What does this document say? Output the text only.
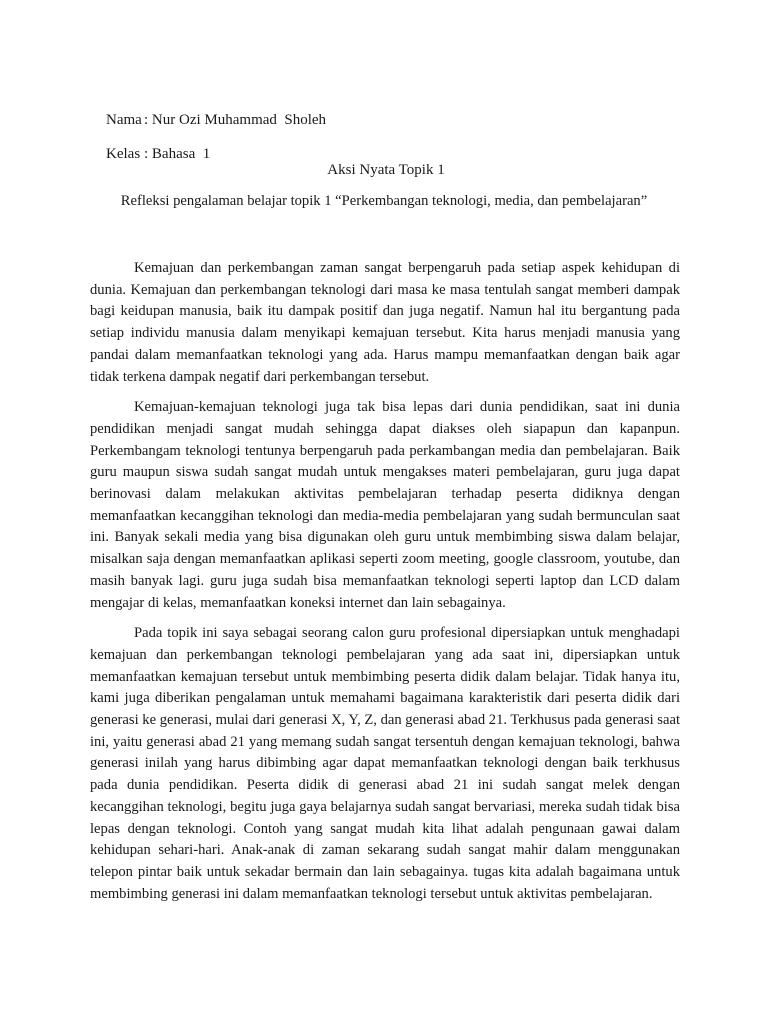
Nama : Nur Ozi Muhammad  Sholeh

Kelas : Bahasa  1

Aksi Nyata Topik 1
Refleksi pengalaman belajar topik 1 “Perkembangan teknologi, media, dan pembelajaran”

Kemajuan dan perkembangan zaman sangat berpengaruh pada setiap aspek kehidupan di dunia. Kemajuan dan perkembangan teknologi dari masa ke masa tentulah sangat memberi dampak bagi keidupan manusia, baik itu dampak positif dan juga negatif. Namun hal itu bergantung pada setiap individu manusia dalam menyikapi kemajuan tersebut. Kita harus menjadi manusia yang pandai dalam memanfaatkan teknologi yang ada. Harus mampu memanfaatkan dengan baik agar tidak terkena dampak negatif dari perkembangan tersebut.

Kemajuan-kemajuan teknologi juga tak bisa lepas dari dunia pendidikan, saat ini dunia pendidikan menjadi sangat mudah sehingga dapat diakses oleh siapapun dan kapanpun. Perkembangam teknologi tentunya berpengaruh pada perkambangan media dan pembelajaran. Baik guru maupun siswa sudah sangat mudah untuk mengakses materi pembelajaran, guru juga dapat berinovasi dalam melakukan aktivitas pembelajaran terhadap peserta didiknya dengan memanfaatkan kecanggihan teknologi dan media-media pembelajaran yang sudah bermunculan saat ini. Banyak sekali media yang bisa digunakan oleh guru untuk membimbing siswa dalam belajar, misalkan saja dengan memanfaatkan aplikasi seperti zoom meeting, google classroom, youtube, dan masih banyak lagi. guru juga sudah bisa memanfaatkan teknologi seperti laptop dan LCD dalam mengajar di kelas, memanfaatkan koneksi internet dan lain sebagainya.

Pada topik ini saya sebagai seorang calon guru profesional dipersiapkan untuk menghadapi kemajuan dan perkembangan teknologi pembelajaran yang ada saat ini, dipersiapkan untuk memanfaatkan kemajuan tersebut untuk membimbing peserta didik dalam belajar. Tidak hanya itu, kami juga diberikan pengalaman untuk memahami bagaimana karakteristik dari peserta didik dari generasi ke generasi, mulai dari generasi X, Y, Z, dan generasi abad 21. Terkhusus pada generasi saat ini, yaitu generasi abad 21 yang memang sudah sangat tersentuh dengan kemajuan teknologi, bahwa generasi inilah yang harus dibimbing agar dapat memanfaatkan teknologi dengan baik terkhusus pada dunia pendidikan. Peserta didik di generasi abad 21 ini sudah sangat melek dengan kecanggihan teknologi, begitu juga gaya belajarnya sudah sangat bervariasi, mereka sudah tidak bisa lepas dengan teknologi. Contoh yang sangat mudah kita lihat adalah pengunaan gawai dalam kehidupan sehari-hari. Anak-anak di zaman sekarang sudah sangat mahir dalam menggunakan telepon pintar baik untuk sekadar bermain dan lain sebagainya. tugas kita adalah bagaimana untuk membimbing generasi ini dalam memanfaatkan teknologi tersebut untuk aktivitas pembelajaran.
